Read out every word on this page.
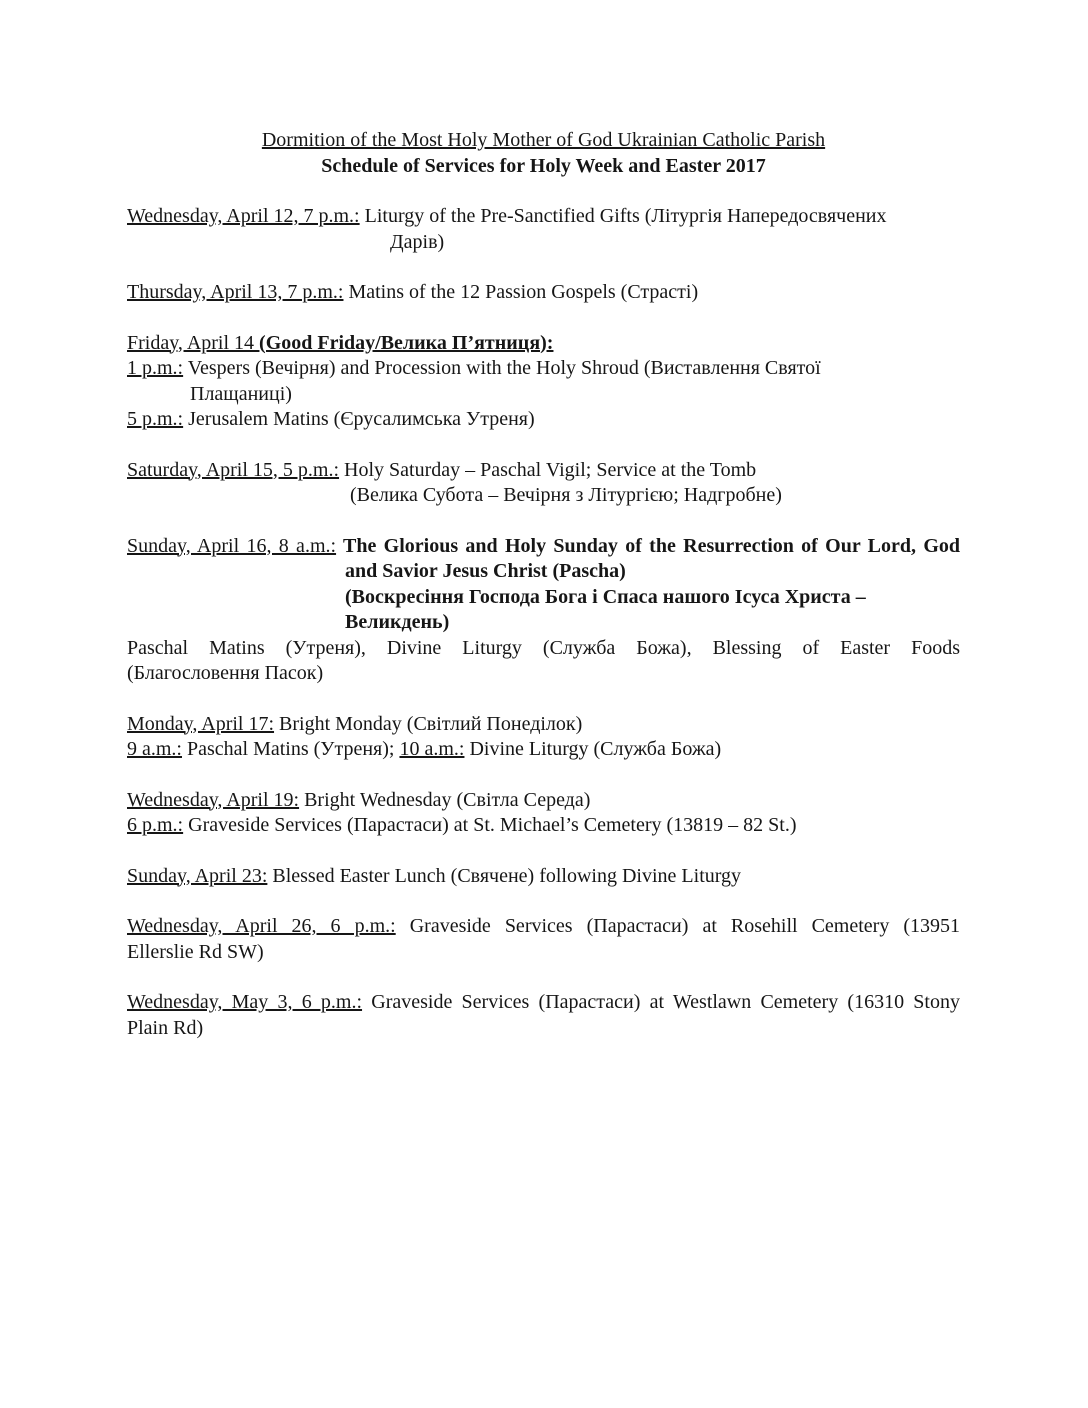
Dormition of the Most Holy Mother of God Ukrainian Catholic Parish
Schedule of Services for Holy Week and Easter 2017
Wednesday, April 12, 7 p.m.: Liturgy of the Pre-Sanctified Gifts (Літургія Напередосвячених
Дарів)
Thursday, April 13, 7 p.m.: Matins of the 12 Passion Gospels (Страсті)
Friday, April 14 (Good Friday/Велика П’ятниця):
1 p.m.: Vespers (Вечірня) and Procession with the Holy Shroud (Виставлення Святої
Плащаниці)
5 p.m.: Jerusalem Matins (Єрусалимська Утреня)
Saturday, April 15, 5 p.m.: Holy Saturday – Paschal Vigil; Service at the Tomb
(Велика Субота – Вечірня з Літургією; Надгробне)
Sunday, April 16, 8 a.m.: The Glorious and Holy Sunday of the Resurrection of Our Lord, God
and Savior Jesus Christ (Pascha)
(Воскресіння Господа Бога і Спаса нашого Ісуса Христа –
Великдень)
Paschal Matins (Утреня), Divine Liturgy (Служба Божа), Blessing of Easter Foods
(Благословення Пасок)
Monday, April 17: Bright Monday (Світлий Понеділок)
9 a.m.: Paschal Matins (Утреня); 10 a.m.: Divine Liturgy (Служба Божа)
Wednesday, April 19: Bright Wednesday (Світла Середа)
6 p.m.: Graveside Services (Парастаси) at St. Michael’s Cemetery (13819 – 82 St.)
Sunday, April 23: Blessed Easter Lunch (Свячене) following Divine Liturgy
Wednesday, April 26, 6 p.m.: Graveside Services (Парастаси) at Rosehill Cemetery (13951
Ellerslie Rd SW)
Wednesday, May 3, 6 p.m.: Graveside Services (Парастаси) at Westlawn Cemetery (16310 Stony
Plain Rd)
